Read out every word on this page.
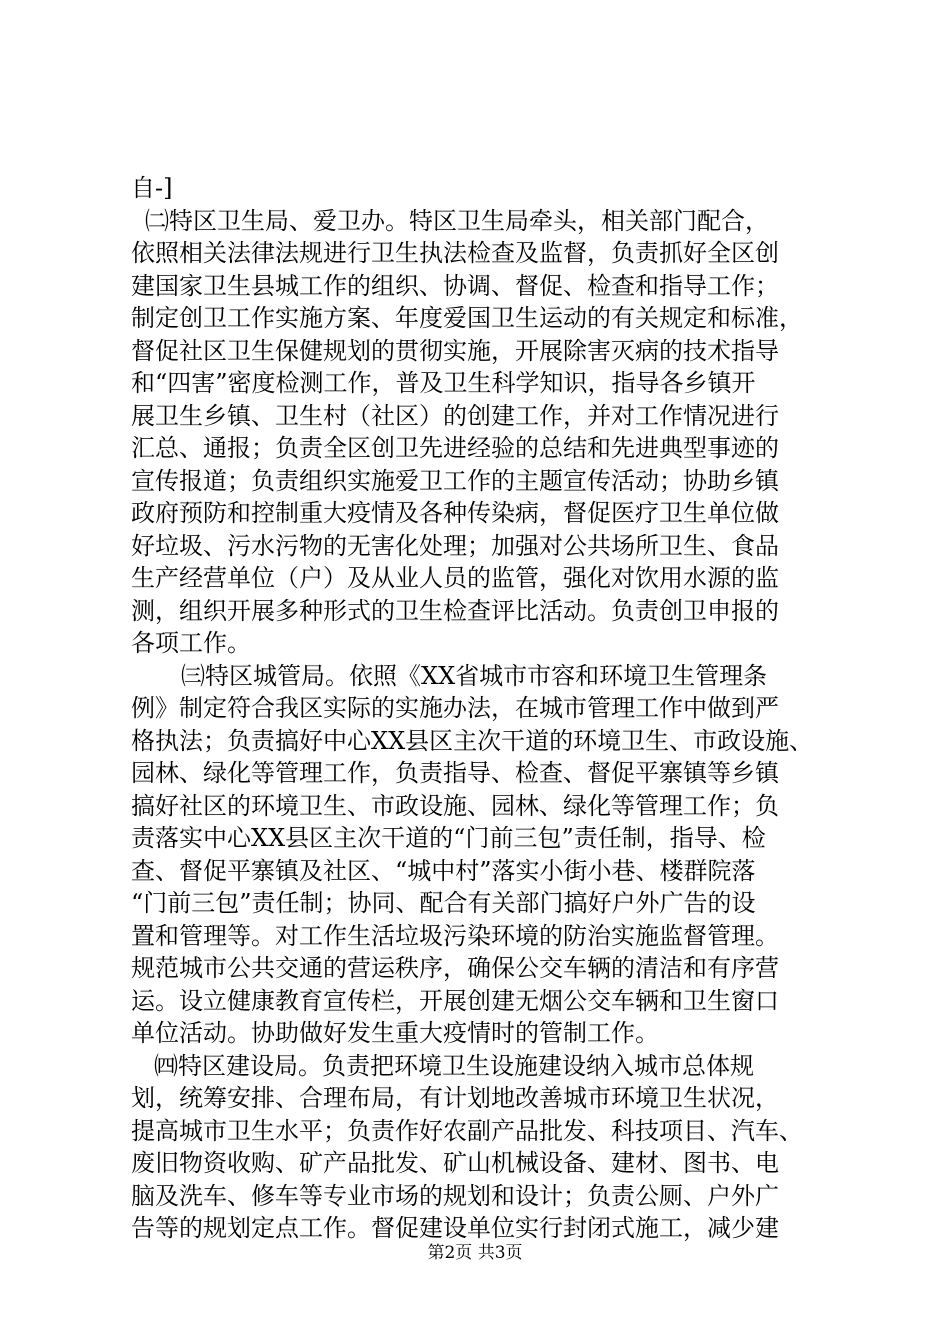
自-]
㈡特区卫生局、爱卫办。特区卫生局牵头，相关部门配合，
依照相关法律法规进行卫生执法检查及监督，负责抓好全区创
建国家卫生县城工作的组织、协调、督促、检查和指导工作；
制定创卫工作实施方案、年度爱国卫生运动的有关规定和标准，
督促社区卫生保健规划的贯彻实施，开展除害灭病的技术指导
和“四害”密度检测工作，普及卫生科学知识，指导各乡镇开
展卫生乡镇、卫生村（社区）的创建工作，并对工作情况进行
汇总、通报；负责全区创卫先进经验的总结和先进典型事迹的
宣传报道；负责组织实施爱卫工作的主题宣传活动；协助乡镇
政府预防和控制重大疫情及各种传染病，督促医疗卫生单位做
好垃圾、污水污物的无害化处理；加强对公共场所卫生、食品
生产经营单位（户）及从业人员的监管，强化对饮用水源的监
测，组织开展多种形式的卫生检查评比活动。负责创卫申报的
各项工作。
㈢特区城管局。依照《XX省城市市容和环境卫生管理条
例》制定符合我区实际的实施办法，在城市管理工作中做到严
格执法；负责搞好中心XX县区主次干道的环境卫生、市政设施、
园林、绿化等管理工作，负责指导、检查、督促平寨镇等乡镇
搞好社区的环境卫生、市政设施、园林、绿化等管理工作；负
责落实中心XX县区主次干道的“门前三包”责任制，指导、检
查、督促平寨镇及社区、“城中村”落实小街小巷、楼群院落
“门前三包”责任制；协同、配合有关部门搞好户外广告的设
置和管理等。对工作生活垃圾污染环境的防治实施监督管理。
规范城市公共交通的营运秩序，确保公交车辆的清洁和有序营
运。设立健康教育宣传栏，开展创建无烟公交车辆和卫生窗口
单位活动。协助做好发生重大疫情时的管制工作。
㈣特区建设局。负责把环境卫生设施建设纳入城市总体规
划，统筹安排、合理布局，有计划地改善城市环境卫生状况，
提高城市卫生水平；负责作好农副产品批发、科技项目、汽车、
废旧物资收购、矿产品批发、矿山机械设备、建材、图书、电
脑及洗车、修车等专业市场的规划和设计；负责公厕、户外广
告等的规划定点工作。督促建设单位实行封闭式施工，减少建
第2页 共3页
